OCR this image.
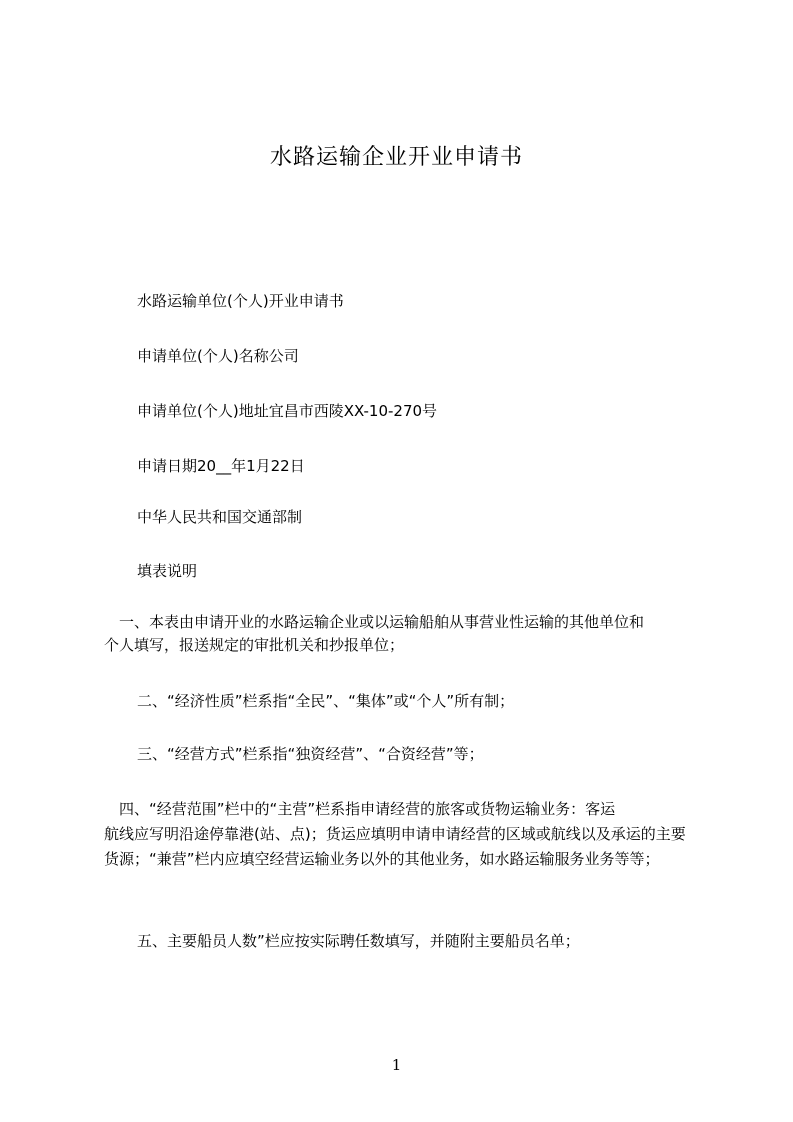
水路运输企业开业申请书
水路运输单位(个人)开业申请书
申请单位(个人)名称公司
申请单位(个人)地址宜昌市西陵XX-10-270号
申请日期20__年1月22日
中华人民共和国交通部制
填表说明
　一、本表由申请开业的水路运输企业或以运输船舶从事营业性运输的其他单位和
个人填写，报送规定的审批机关和抄报单位；
二、“经济性质”栏系指“全民”、“集体”或“个人”所有制；
三、“经营方式”栏系指“独资经营”、“合资经营”等；
　四、“经营范围”栏中的“主营”栏系指申请经营的旅客或货物运输业务：客运
航线应写明沿途停靠港(站、点)；货运应填明申请申请经营的区域或航线以及承运的主要货源；“兼营”栏内应填空经营运输业务以外的其他业务，如水路运输服务业务等等；
五、主要船员人数”栏应按实际聘任数填写，并随附主要船员名单；
1
